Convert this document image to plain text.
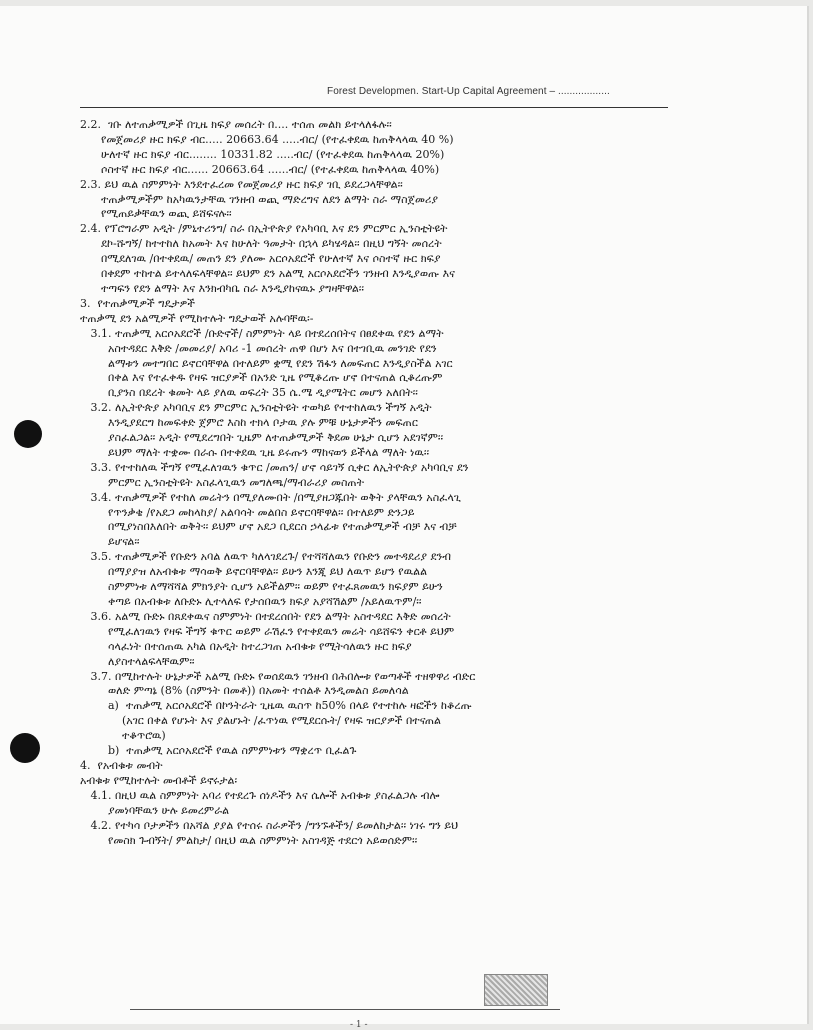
Forest Developmen. Start-Up Capital Agreement – ..................
2.2.  ገቡ ለተጠቃሚዎች በጊዜ ክፍያ መሰረት በ.... ተሰጠ መልክ ይተላለፋሉ፡፡
የመጀመሪያ ዙር ክፍያ ብር..... 20663.64 .....ብር/ (የተፈቀደዉ ከጠቅላላዉ 40 %)
ሁለተኛ ዙር ክፍያ ብር........ 10331.82 .....ብር/ (የተፈቀደዉ ከጠቅላላዉ 20%)
ሶስተኛ ዙር ክፍያ ብር...... 20663.64 ......ብር/ (የተፈቀደዉ ከጠቅላላዉ 40%)
2.3. ይህ ዉል ስምምነት እንደተፈረመ የመጀመሪያ ዙር ክፍያ ገቢ ይደረጋላቸዋል፡፡
ተጠቃሚዎችም ከአካዉንታቸዉ ገንዘብ ወጪ ማድረግና ለደን ልማት ስራ ማስጀመሪያ
የሚጠይቃቸዉን ወጪ ይሸፍናሉ፡፡
2.4. የፕሮግራም አዲት /ምኒተሪንግ/ ስራ በኢትዮጵያ የአካባቢ እና ደን ምርምር ኢንስቲትዩት
ደኮ-ሹግኝ/ ከተተከለ ከአመት እና ከሁለት ዓመታት በኋላ ይካሄዳል፡፡ በዚህ ግኝት መሰረት
በሚደለገዉ /በተቀደዉ/ መጠን ደን ያለሙ አርሶአደሮች የሁለተኛ እና ሶስተኛ ዙር ክፍያ
በቀደም ተከተል ይተላለፍላቸዋል፡፡ ይህም ደን አልሚ አርሶአደሮችን ገንዘብ እንዲያወጡ እና
ተጣፍን የደን ልማት እና እንክብካቤ ስራ እንዲያከናዉኑ ያግዛቸዋል፡፡
3.  የተጠቃሚዎች ግዴታዎች
ተጠቃሚ ደን አልሚዎች የሚከተሉት ግዴታወች አሉባቸዉ፡-
3.1. ተጠቃሚ አርሶአደሮች /ቡድኖች/ ስምምነት ላይ በተደረሰበትና በፀደቀዉ የደን ልማት
አስተዳደር እቅድ /መመሪያ/ አባሪ -1 መሰረት ጠዋ በሆነ እና በተገቢዉ መንገድ የደን
ልማቱን መተግበር ይኖርባቸዋል በተለይም ቋሚ የደን ሽፋን ለመፍጠር እንዲያስችል አገር
በቀል እና የተፈቀዱ የዛፍ ዝርያዎች በአንድ ጊዜ የሚቆረጡ ሆኖ በተናጠል ሲቆረጡም
ቢያንስ በደረት ቁመት ላይ ያለዉ ወፍረት 35 ሴ.ሜ ዲያሜትር መሆን አለበት፡፡
3.2. ለኢትዮጵያ አካባቢና ደን ምርምር ኢንስቲትዩት ተወካይ የተተከለዉን ችግኝ አዲት
እንዲያደርግ ከመፍቀድ ጀምሮ እስከ ተክላ ቦታዉ ያሉ ምቹ ሁኔታዎችን መፍጠር
ያስፈልጋል፡፡ አዲት የሚደረግበት ጊዜም ለተጠቃሚዎች ቅደመ ሁኔታ ሲሆን አደገኛም፡፡
ይህም ማለት ተቋሙ በራሱ በተቀደዉ ጊዜ ይሩጡን ማከናወን ይችላል ማለት ነዉ፡፡
3.3. የተተከለዉ ችግኝ የሚፈለገዉን ቁጥር /መጠን/ ሆኖ ሳይገኝ ሲቀር ለኢትዮጵያ አካባቢና ደን
ምርምር ኢንስቲትዩት አስፈላጊዉን መግለጫ/ማብራሪያ መስጠት
3.4. ተጠቃሚዎች የተከለ መሬትን በሚያለሙበት /በሚያዘጋጁበት ወቅት ያላቸዉን አስፈላጊ
የጥንቃቄ /የአደጋ መከላከያ/ አልባሳት መልበስ ይኖርባቸዋል፡፡ በተለይም ድንጋይ
በሚያነስበእለበት ወቅት፡፡ ይህም ሆኖ አደጋ ቢደርስ ኃላፊቱ የተጠቃሚዎች ብቻ እና ብቻ
ይሆናል፡፡
3.5. ተጠቃሚዎች የቡድን አባል ለዉጥ ካለላገደረጉ/ የተሻሻለዉን የቡድን መተዳደሪያ ደንብ
በማያያዝ ለአብቁቱ ማሳወቅ ይኖርባቸዋል፡፡ ይሁን እንጂ ይህ ለዉጥ ይሆን የዉልል
ስምምነቱ ለማሻሻል ምክንያት ሲሆን አይችልም፡፡ ወይም የተፈጸመዉን ክፍያም ይሁን
ቀጣይ በአብቁቱ ለቡድኑ ሊተላለፍ የታሰበዉን ክፍያ አያሻሽልም /አይለዉጥም/፡፡
3.6. አልሚ ቡድኑ በጸደቀዉና ስምምነት በተደረሰበት የደን ልማት አስተዳደር እቅድ መሰረት
የሚፈለገዉን የዛፍ ችግኝ ቁጥር ወይም ራሽፈን የተቀደዉን መሬት ሳይሸፍን ቀርቶ ይህም
ሳላፈነት በተሰጠዉ አካል በአዲት ከተረጋገጠ አብቁቱ የሚትሳለዉን ዙር ክፍያ
ለያስተላልፍላቸዉም፡፡
3.7. በሚከተሉት ሁኔታዎች አልሚ ቡድኑ የወሰደዉን ገንዘብ በሕበሎቱ የወጣቶች ተዘዋዋሪ ብድር
ወለድ ምጣኔ (8% (ስምንት በመቶ)) በአመት ተሰልቶ እንዲመልስ ይመለሳል
a)  ተጠቃሚ አርሶአደሮች በኮንትራት ጊዜዉ ዉስጥ ከ50% በላይ የተተከሉ ዛፎችን ከቆረጡ
(አገር በቀል የሆኑት እና ያልሆኑት /ፈጥነዉ የሚደርሱት/ የዛፍ ዝርያዎች በተናጠል
ተቆጥሮዉ)
b)  ተጠቃሚ አርሶአደሮች የዉል ስምምነቱን ማቋረጥ ቢፈልጉ
4.  የአብቁቱ መብት
አብቁቱ የሚከተሉት መብቶች ይኖሩታል፡
4.1. በዚህ ዉል ስምምነት አባሪ የተደረጉ ሰነዶችን እና ሴሎች አብቁቱ ያስፈልጋሉ ብሎ
ያመነባቸዉን ሁሉ ይመረምራል
4.2. የተካሳ ቦታዎችን በአሻል ያያል የተሰሩ ስራዎችን /ግንኙቶችን/ ይመለከታል፡፡ ነገሩ ግን ይህ
የመስክ ጉብኝት/ ምልከታ/ በዚህ ዉል ስምምነት አስገዳጅ ተደርጎ አይወሰድም፡፡
- 1 -
